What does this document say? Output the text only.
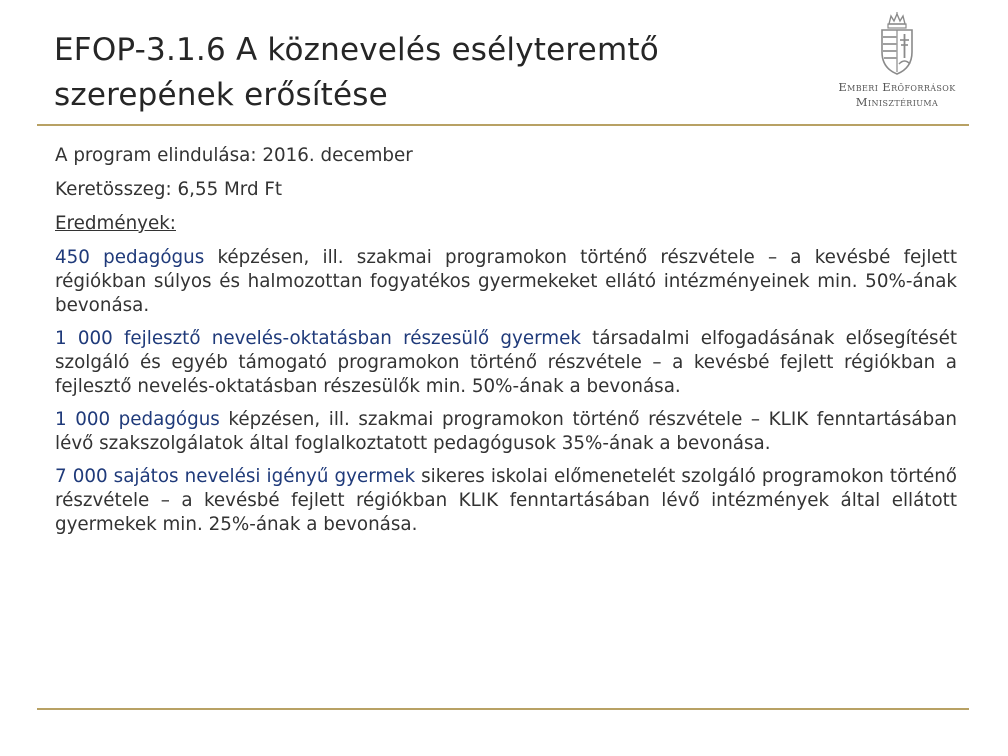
EFOP-3.1.6 A köznevelés esélyteremtő
szerepének erősítése	Emberi Erőforrások
Minisztériuma
A program elindulása: 2016. december
Keretösszeg: 6,55 Mrd Ft
Eredmények:

450 pedagógus képzésen, ill. szakmai programokon történő részvétele – a kevésbé fejlett régiókban súlyos és halmozottan fogyatékos gyermekeket ellátó intézményeinek min. 50%-ának bevonása.

1 000 fejlesztő nevelés-oktatásban részesülő gyermek társadalmi elfogadásának elősegítését szolgáló és egyéb támogató programokon történő részvétele – a kevésbé fejlett régiókban a fejlesztő nevelés-oktatásban részesülők min. 50%-ának a bevonása.

1 000 pedagógus képzésen, ill. szakmai programokon történő részvétele – KLIK fenntartásában lévő szakszolgálatok által foglalkoztatott pedagógusok 35%-ának a bevonása.

7 000 sajátos nevelési igényű gyermek sikeres iskolai előmenetelét szolgáló programokon történő részvétele – a kevésbé fejlett régiókban KLIK fenntartásában lévő intézmények által ellátott gyermekek min. 25%-ának a bevonása.
